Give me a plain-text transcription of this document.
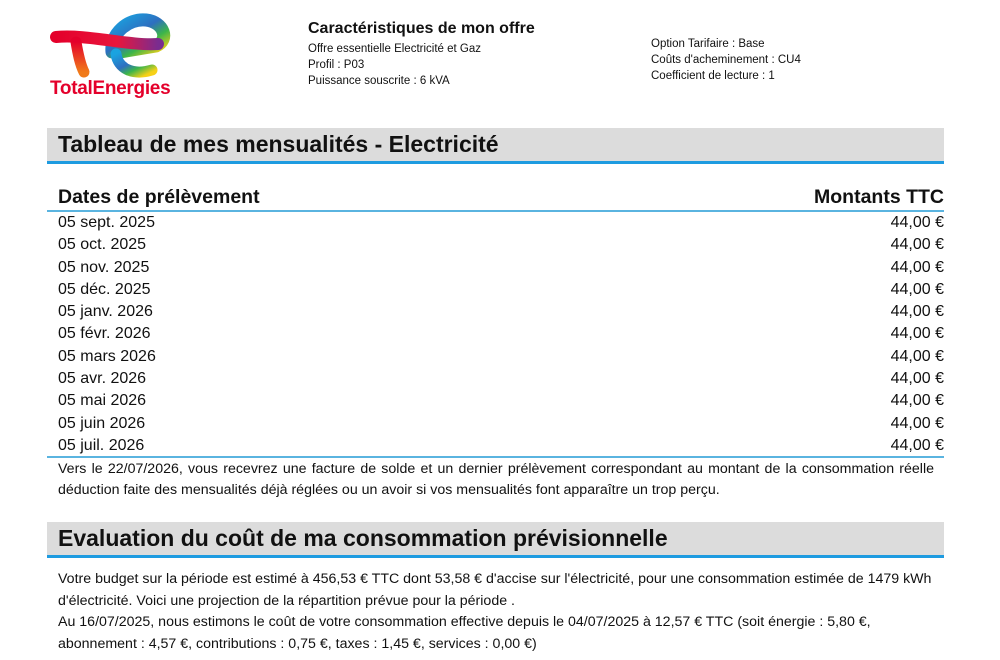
TotalEnergies
Caractéristiques de mon offre
Offre essentielle Electricité et Gaz
Profil : P03
Puissance souscrite : 6 kVA
Option Tarifaire : Base
Coûts d'acheminement : CU4
Coefficient de lecture : 1
Tableau de mes mensualités - Electricité
Dates de prélèvement	Montants TTC
05 sept. 2025	44,00 €
05 oct. 2025	44,00 €
05 nov. 2025	44,00 €
05 déc. 2025	44,00 €
05 janv. 2026	44,00 €
05 févr. 2026	44,00 €
05 mars 2026	44,00 €
05 avr. 2026	44,00 €
05 mai 2026	44,00 €
05 juin 2026	44,00 €
05 juil. 2026	44,00 €
Vers le 22/07/2026, vous recevrez une facture de solde et un dernier prélèvement correspondant au montant de la consommation réelle déduction faite des mensualités déjà réglées ou un avoir si vos mensualités font apparaître un trop perçu.
Evaluation du coût de ma consommation prévisionnelle
Votre budget sur la période est estimé à 456,53 € TTC dont 53,58 € d'accise sur l'électricité, pour une consommation estimée de 1479 kWh d'électricité. Voici une projection de la répartition prévue pour la période .
Au 16/07/2025, nous estimons le coût de votre consommation effective depuis le 04/07/2025 à 12,57 € TTC (soit énergie : 5,80 €, abonnement : 4,57 €, contributions : 0,75 €, taxes : 1,45 €, services : 0,00 €)
